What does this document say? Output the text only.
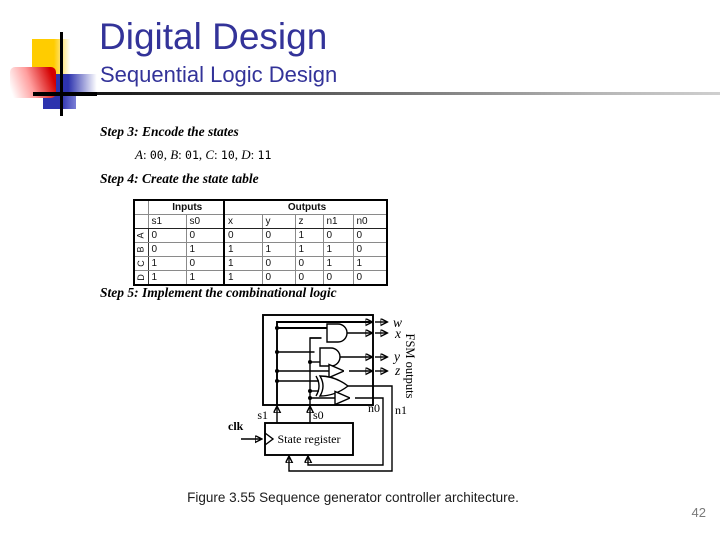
Digital Design
Sequential Logic Design
Step 3: Encode the states
A: 00, B: 01, C: 10, D: 11
Step 4: Create the state table
	Inputs		Outputs				
	s1	s0	x	y	z	n1	n0
A	0	0	0	0	1	0	0
B	0	1	1	1	1	1	0
C	1	0	1	0	0	1	1
D	1	1	1	0	0	0	0
Step 5: Implement the combinational logic
State register
clk
s1	s0
w
x
y
z
n1
n0
FSM outputs
Figure 3.55 Sequence generator controller architecture.
42
